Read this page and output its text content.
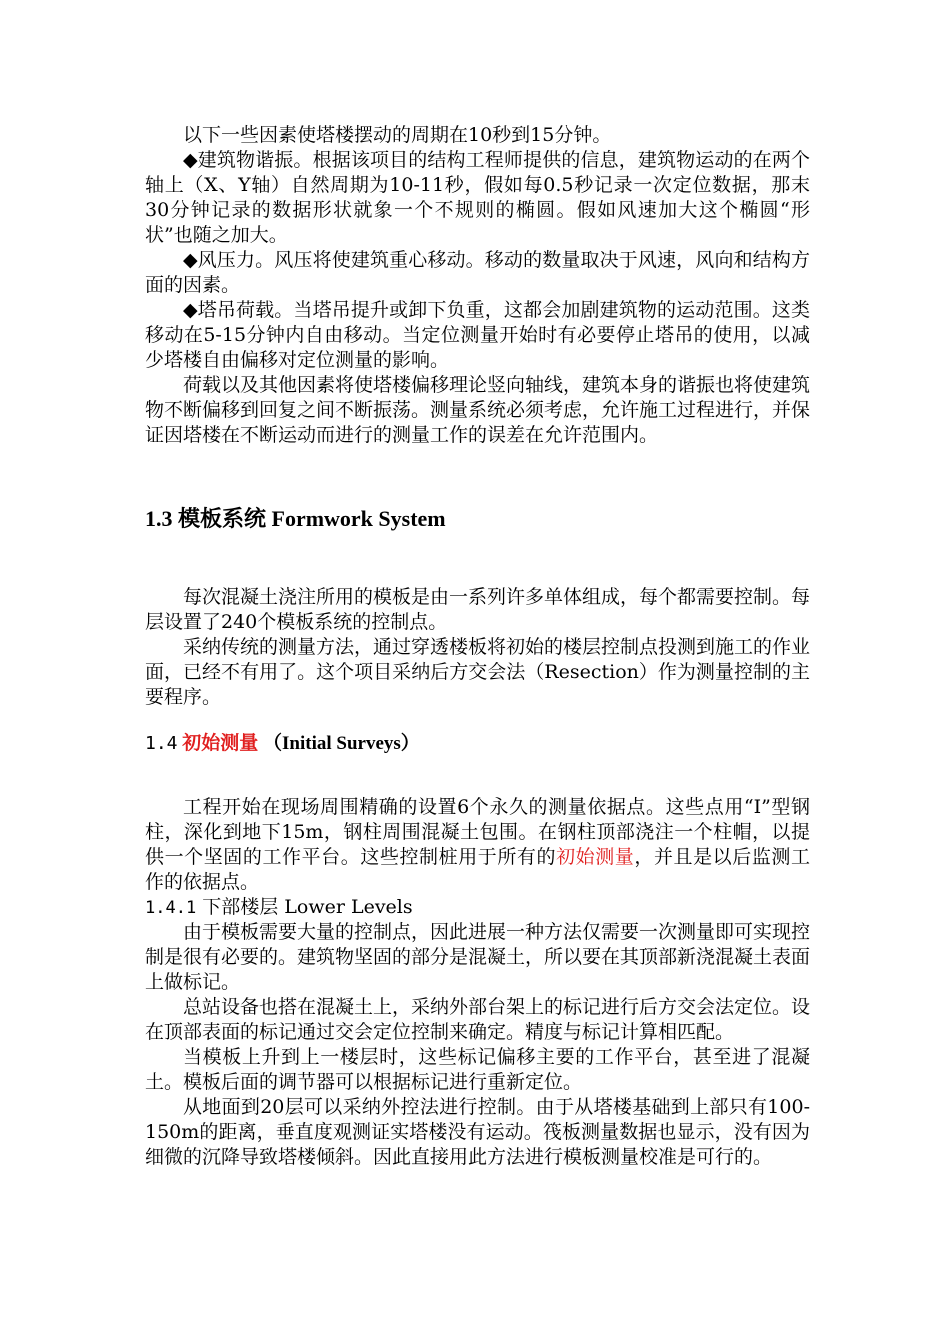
以下一些因素使塔楼摆动的周期在10秒到15分钟。

◆建筑物谐振。根据该项目的结构工程师提供的信息，建筑物运动的在两个轴上（X、Y轴）自然周期为10-11秒，假如每0.5秒记录一次定位数据，那末30分钟记录的数据形状就象一个不规则的椭圆。假如风速加大这个椭圆“形状”也随之加大。

◆风压力。风压将使建筑重心移动。移动的数量取决于风速，风向和结构方面的因素。

◆塔吊荷载。当塔吊提升或卸下负重，这都会加剧建筑物的运动范围。这类移动在5-15分钟内自由移动。当定位测量开始时有必要停止塔吊的使用，以减少塔楼自由偏移对定位测量的影响。

荷载以及其他因素将使塔楼偏移理论竖向轴线，建筑本身的谐振也将使建筑物不断偏移到回复之间不断振荡。测量系统必须考虑，允许施工过程进行，并保证因塔楼在不断运动而进行的测量工作的误差在允许范围内。

1.3 模板系统 Formwork System

每次混凝土浇注所用的模板是由一系列许多单体组成，每个都需要控制。每层设置了240个模板系统的控制点。

采纳传统的测量方法，通过穿透楼板将初始的楼层控制点投测到施工的作业面，已经不有用了。这个项目采纳后方交会法（Resection）作为测量控制的主要程序。

1.4 初始测量 （Initial Surveys）

工程开始在现场周围精确的设置6个永久的测量依据点。这些点用“I”型钢柱，深化到地下15m，钢柱周围混凝土包围。在钢柱顶部浇注一个柱帽，以提供一个坚固的工作平台。这些控制桩用于所有的初始测量，并且是以后监测工作的依据点。

1.4.1 下部楼层 Lower Levels

由于模板需要大量的控制点，因此进展一种方法仅需要一次测量即可实现控制是很有必要的。建筑物坚固的部分是混凝土，所以要在其顶部新浇混凝土表面上做标记。

总站设备也搭在混凝土上，采纳外部台架上的标记进行后方交会法定位。设在顶部表面的标记通过交会定位控制来确定。精度与标记计算相匹配。

当模板上升到上一楼层时，这些标记偏移主要的工作平台，甚至进了混凝土。模板后面的调节器可以根据标记进行重新定位。

从地面到20层可以采纳外控法进行控制。由于从塔楼基础到上部只有100-150m的距离，垂直度观测证实塔楼没有运动。筏板测量数据也显示，没有因为细微的沉降导致塔楼倾斜。因此直接用此方法进行模板测量校准是可行的。
